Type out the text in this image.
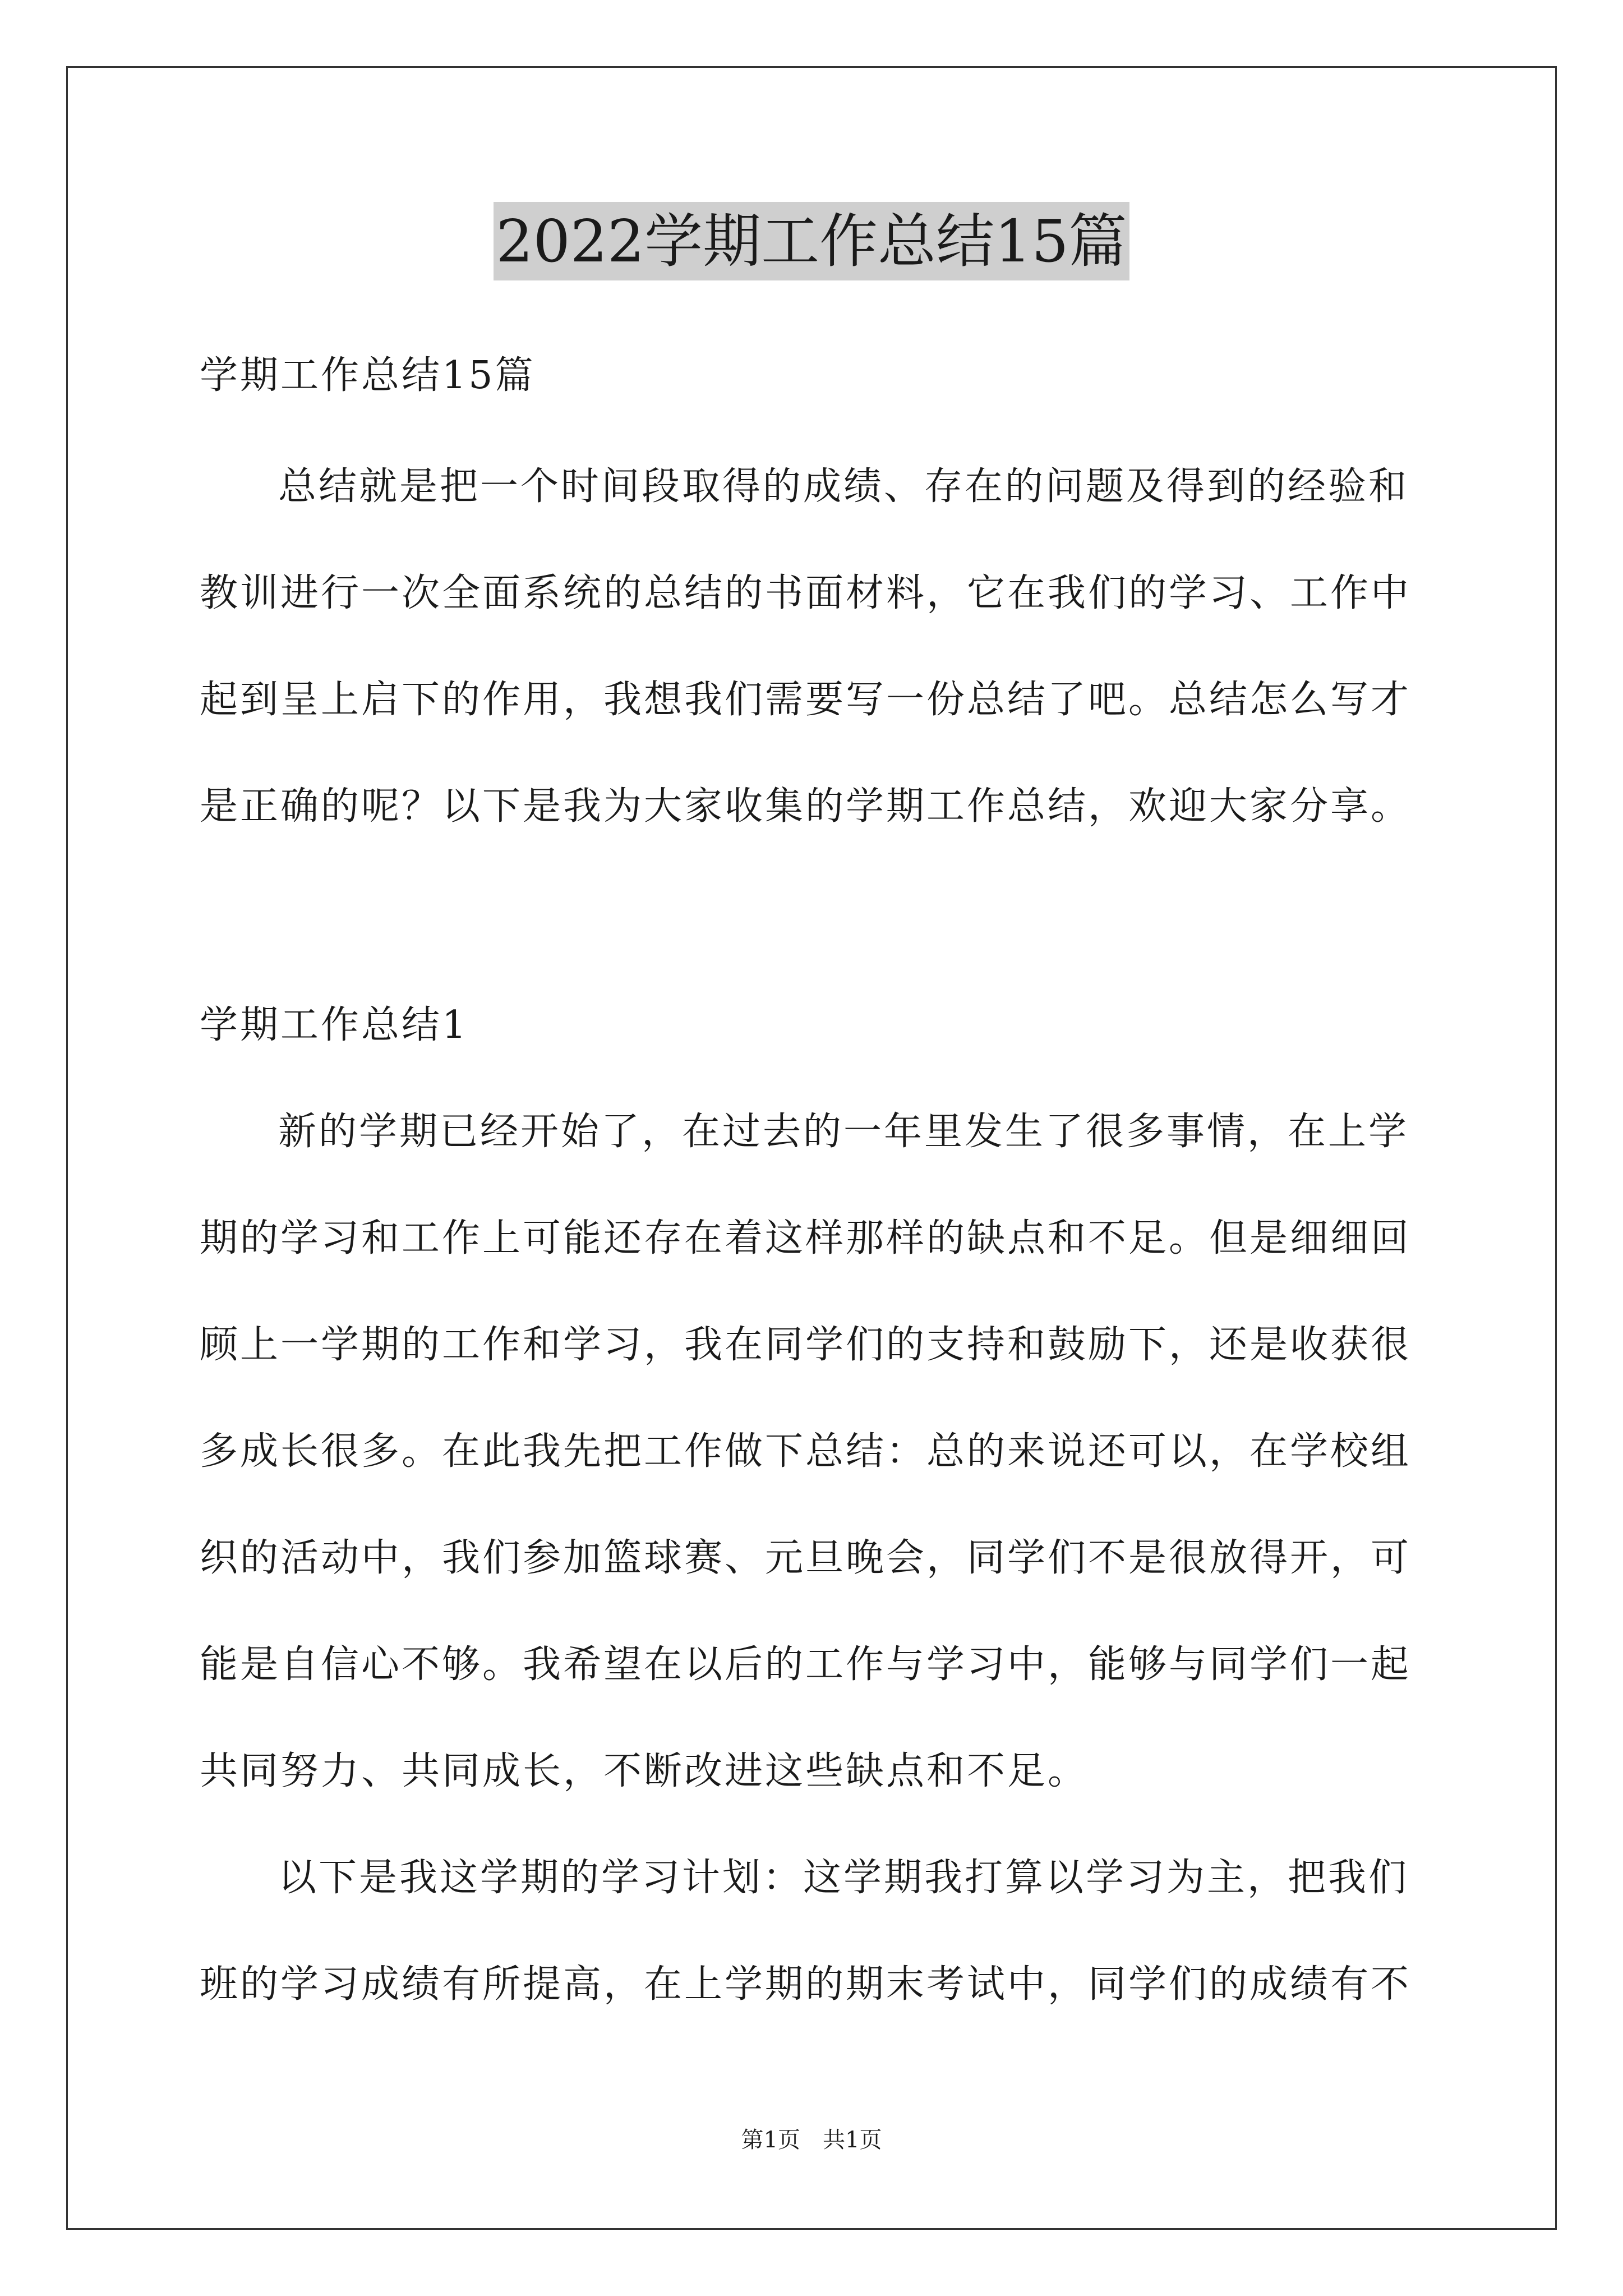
2022学期工作总结15篇

学期工作总结15篇

总结就是把一个时间段取得的成绩、存在的问题及得到的经验和

教训进行一次全面系统的总结的书面材料，它在我们的学习、工作中

起到呈上启下的作用，我想我们需要写一份总结了吧。总结怎么写才

是正确的呢？以下是我为大家收集的学期工作总结，欢迎大家分享。

学期工作总结1

新的学期已经开始了，在过去的一年里发生了很多事情，在上学

期的学习和工作上可能还存在着这样那样的缺点和不足。但是细细回

顾上一学期的工作和学习，我在同学们的支持和鼓励下，还是收获很

多成长很多。在此我先把工作做下总结：总的来说还可以，在学校组

织的活动中，我们参加篮球赛、元旦晚会，同学们不是很放得开，可

能是自信心不够。我希望在以后的工作与学习中，能够与同学们一起

共同努力、共同成长，不断改进这些缺点和不足。

以下是我这学期的学习计划：这学期我打算以学习为主，把我们

班的学习成绩有所提高，在上学期的期末考试中，同学们的成绩有不

第1页　共1页
